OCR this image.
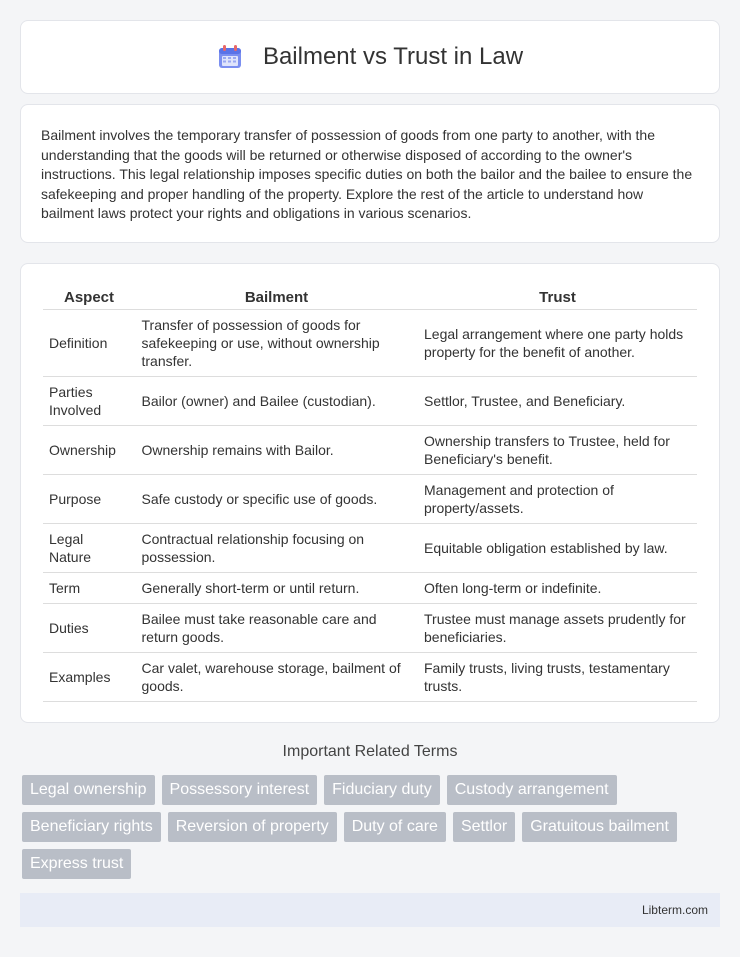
Bailment vs Trust in Law

Bailment involves the temporary transfer of possession of goods from one party to another, with the understanding that the goods will be returned or otherwise disposed of according to the owner's instructions. This legal relationship imposes specific duties on both the bailor and the bailee to ensure the safekeeping and proper handling of the property. Explore the rest of the article to understand how bailment laws protect your rights and obligations in various scenarios.

Aspect	Bailment	Trust
Definition	Transfer of possession of goods for safekeeping or use, without ownership transfer.	Legal arrangement where one party holds property for the benefit of another.
Parties Involved	Bailor (owner) and Bailee (custodian).	Settlor, Trustee, and Beneficiary.
Ownership	Ownership remains with Bailor.	Ownership transfers to Trustee, held for Beneficiary's benefit.
Purpose	Safe custody or specific use of goods.	Management and protection of property/assets.
Legal Nature	Contractual relationship focusing on possession.	Equitable obligation established by law.
Term	Generally short-term or until return.	Often long-term or indefinite.
Duties	Bailee must take reasonable care and return goods.	Trustee must manage assets prudently for beneficiaries.
Examples	Car valet, warehouse storage, bailment of goods.	Family trusts, living trusts, testamentary trusts.
Important Related Terms
Legal ownership	Possessory interest	Fiduciary duty	Custody arrangement
Beneficiary rights	Reversion of property	Duty of care	Settlor	Gratuitous bailment
Express trust
Libterm.com
